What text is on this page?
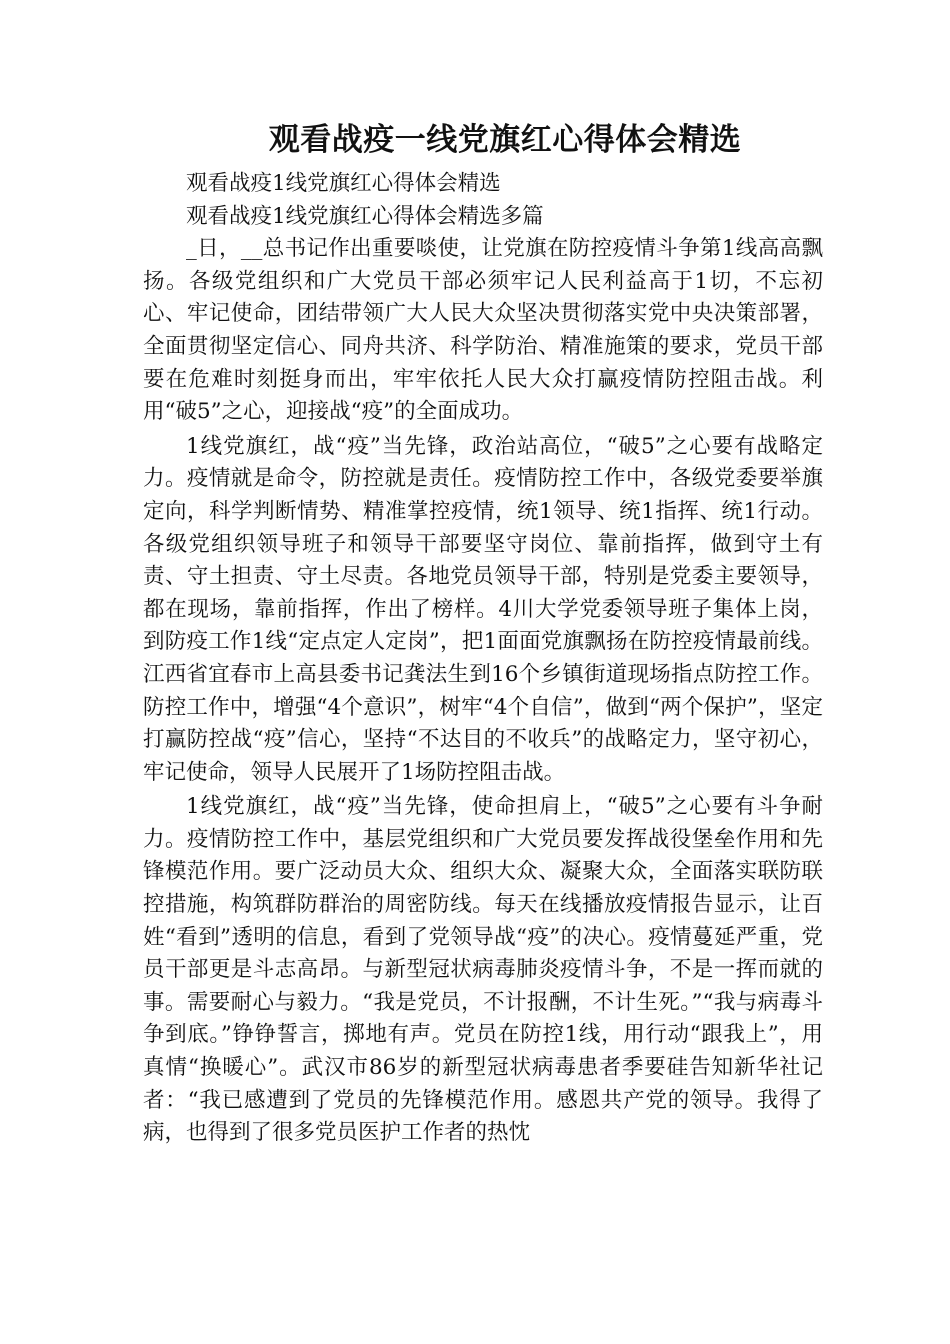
观看战疫一线党旗红心得体会精选

观看战疫1线党旗红心得体会精选

观看战疫1线党旗红心得体会精选多篇

_日，__总书记作出重要啖使，让党旗在防控疫情斗争第1线高高飘扬。各级党组织和广大党员干部必须牢记人民利益高于1切，不忘初心、牢记使命，团结带领广大人民大众坚决贯彻落实党中央决策部署，全面贯彻坚定信心、同舟共济、科学防治、精准施策的要求，党员干部要在危难时刻挺身而出，牢牢依托人民大众打赢疫情防控阻击战。利用“破5”之心，迎接战“疫”的全面成功。

1线党旗红，战“疫”当先锋，政治站高位，“破5”之心要有战略定力。疫情就是命令，防控就是责任。疫情防控工作中，各级党委要举旗定向，科学判断情势、精准掌控疫情，统1领导、统1指挥、统1行动。各级党组织领导班子和领导干部要坚守岗位、靠前指挥，做到守土有责、守土担责、守土尽责。各地党员领导干部，特别是党委主要领导，都在现场，靠前指挥，作出了榜样。4川大学党委领导班子集体上岗，到防疫工作1线“定点定人定岗”，把1面面党旗飘扬在防控疫情最前线。江西省宜春市上高县委书记龚法生到16个乡镇街道现场指点防控工作。防控工作中，增强“4个意识”，树牢“4个自信”，做到“两个保护”，坚定打赢防控战“疫”信心，坚持“不达目的不收兵”的战略定力，坚守初心，牢记使命，领导人民展开了1场防控阻击战。

1线党旗红，战“疫”当先锋，使命担肩上，“破5”之心要有斗争耐力。疫情防控工作中，基层党组织和广大党员要发挥战役堡垒作用和先锋模范作用。要广泛动员大众、组织大众、凝聚大众，全面落实联防联控措施，构筑群防群治的周密防线。每天在线播放疫情报告显示，让百姓“看到”透明的信息，看到了党领导战“疫”的决心。疫情蔓延严重，党员干部更是斗志高昂。与新型冠状病毒肺炎疫情斗争，不是一挥而就的事。需要耐心与毅力。“我是党员，不计报酬，不计生死。”“我与病毒斗争到底。”铮铮誓言，掷地有声。党员在防控1线，用行动“跟我上”，用真情“换暖心”。武汉市86岁的新型冠状病毒患者季要硅告知新华社记者：“我已感遭到了党员的先锋模范作用。感恩共产党的领导。我得了病，也得到了很多党员医护工作者的热忱
